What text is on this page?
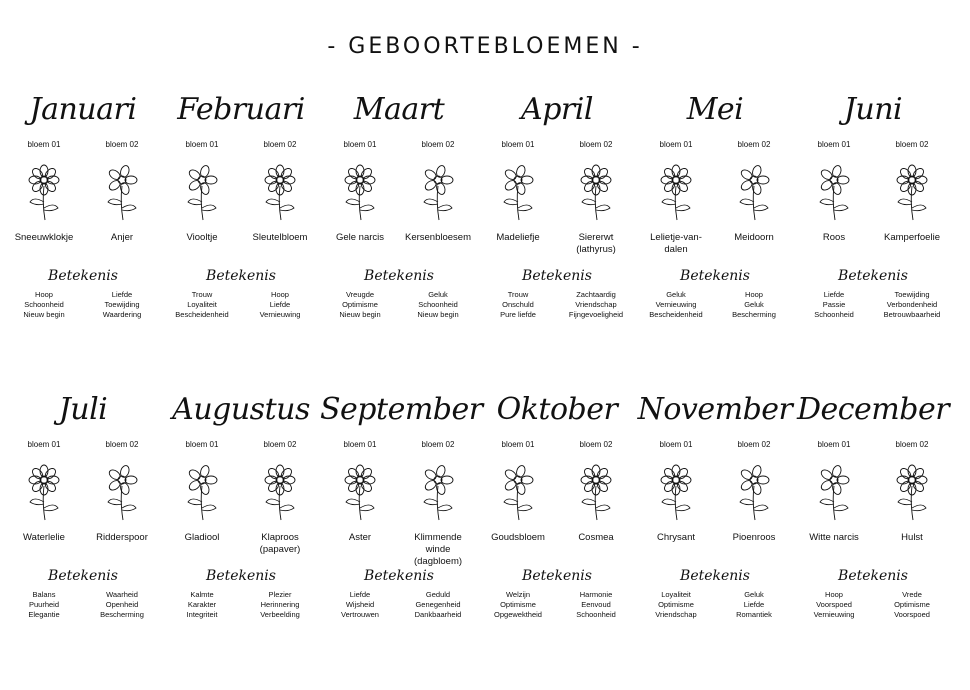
- GEBOORTEBLOEMEN -
Januari
bloem 01
Sneeuwklokje
Hoop
Schoonheid
Nieuw begin
bloem 02
Anjer
Liefde
Toewijding
Waardering
Betekenis
Februari
bloem 01
Viooltje
Trouw
Loyaliteit
Bescheidenheid
bloem 02
Sleutelbloem
Hoop
Liefde
Vernieuwing
Betekenis
Maart
bloem 01
Gele narcis
Vreugde
Optimisme
Nieuw begin
bloem 02
Kersenbloesem
Geluk
Schoonheid
Nieuw begin
Betekenis
April
bloem 01
Madeliefje
Trouw
Onschuld
Pure liefde
bloem 02
Siererwt (lathyrus)
Zachtaardig
Vriendschap
Fijngevoeligheid
Betekenis
Mei
bloem 01
Lelietje-van-dalen
Geluk
Vernieuwing
Bescheidenheid
bloem 02
Meidoorn
Hoop
Geluk
Bescherming
Betekenis
Juni
bloem 01
Roos
Liefde
Passie
Schoonheid
bloem 02
Kamperfoelie
Toewijding
Verbondenheid
Betrouwbaarheid
Betekenis
Juli
bloem 01
Waterlelie
Balans
Puurheid
Elegantie
bloem 02
Ridderspoor
Waarheid
Openheid
Bescherming
Betekenis
Augustus
bloem 01
Gladiool
Kalmte
Karakter
Integriteit
bloem 02
Klaproos (papaver)
Plezier
Herinnering
Verbeelding
Betekenis
September
bloem 01
Aster
Liefde
Wijsheid
Vertrouwen
bloem 02
Klimmende winde (dagbloem)
Geduld
Genegenheid
Dankbaarheid
Betekenis
Oktober
bloem 01
Goudsbloem
Welzijn
Optimisme
Opgewektheid
bloem 02
Cosmea
Harmonie
Eenvoud
Schoonheid
Betekenis
November
bloem 01
Chrysant
Loyaliteit
Optimisme
Vriendschap
bloem 02
Pioenroos
Geluk
Liefde
Romantiek
Betekenis
December
bloem 01
Witte narcis
Hoop
Voorspoed
Vernieuwing
bloem 02
Hulst
Vrede
Optimisme
Voorspoed
Betekenis
